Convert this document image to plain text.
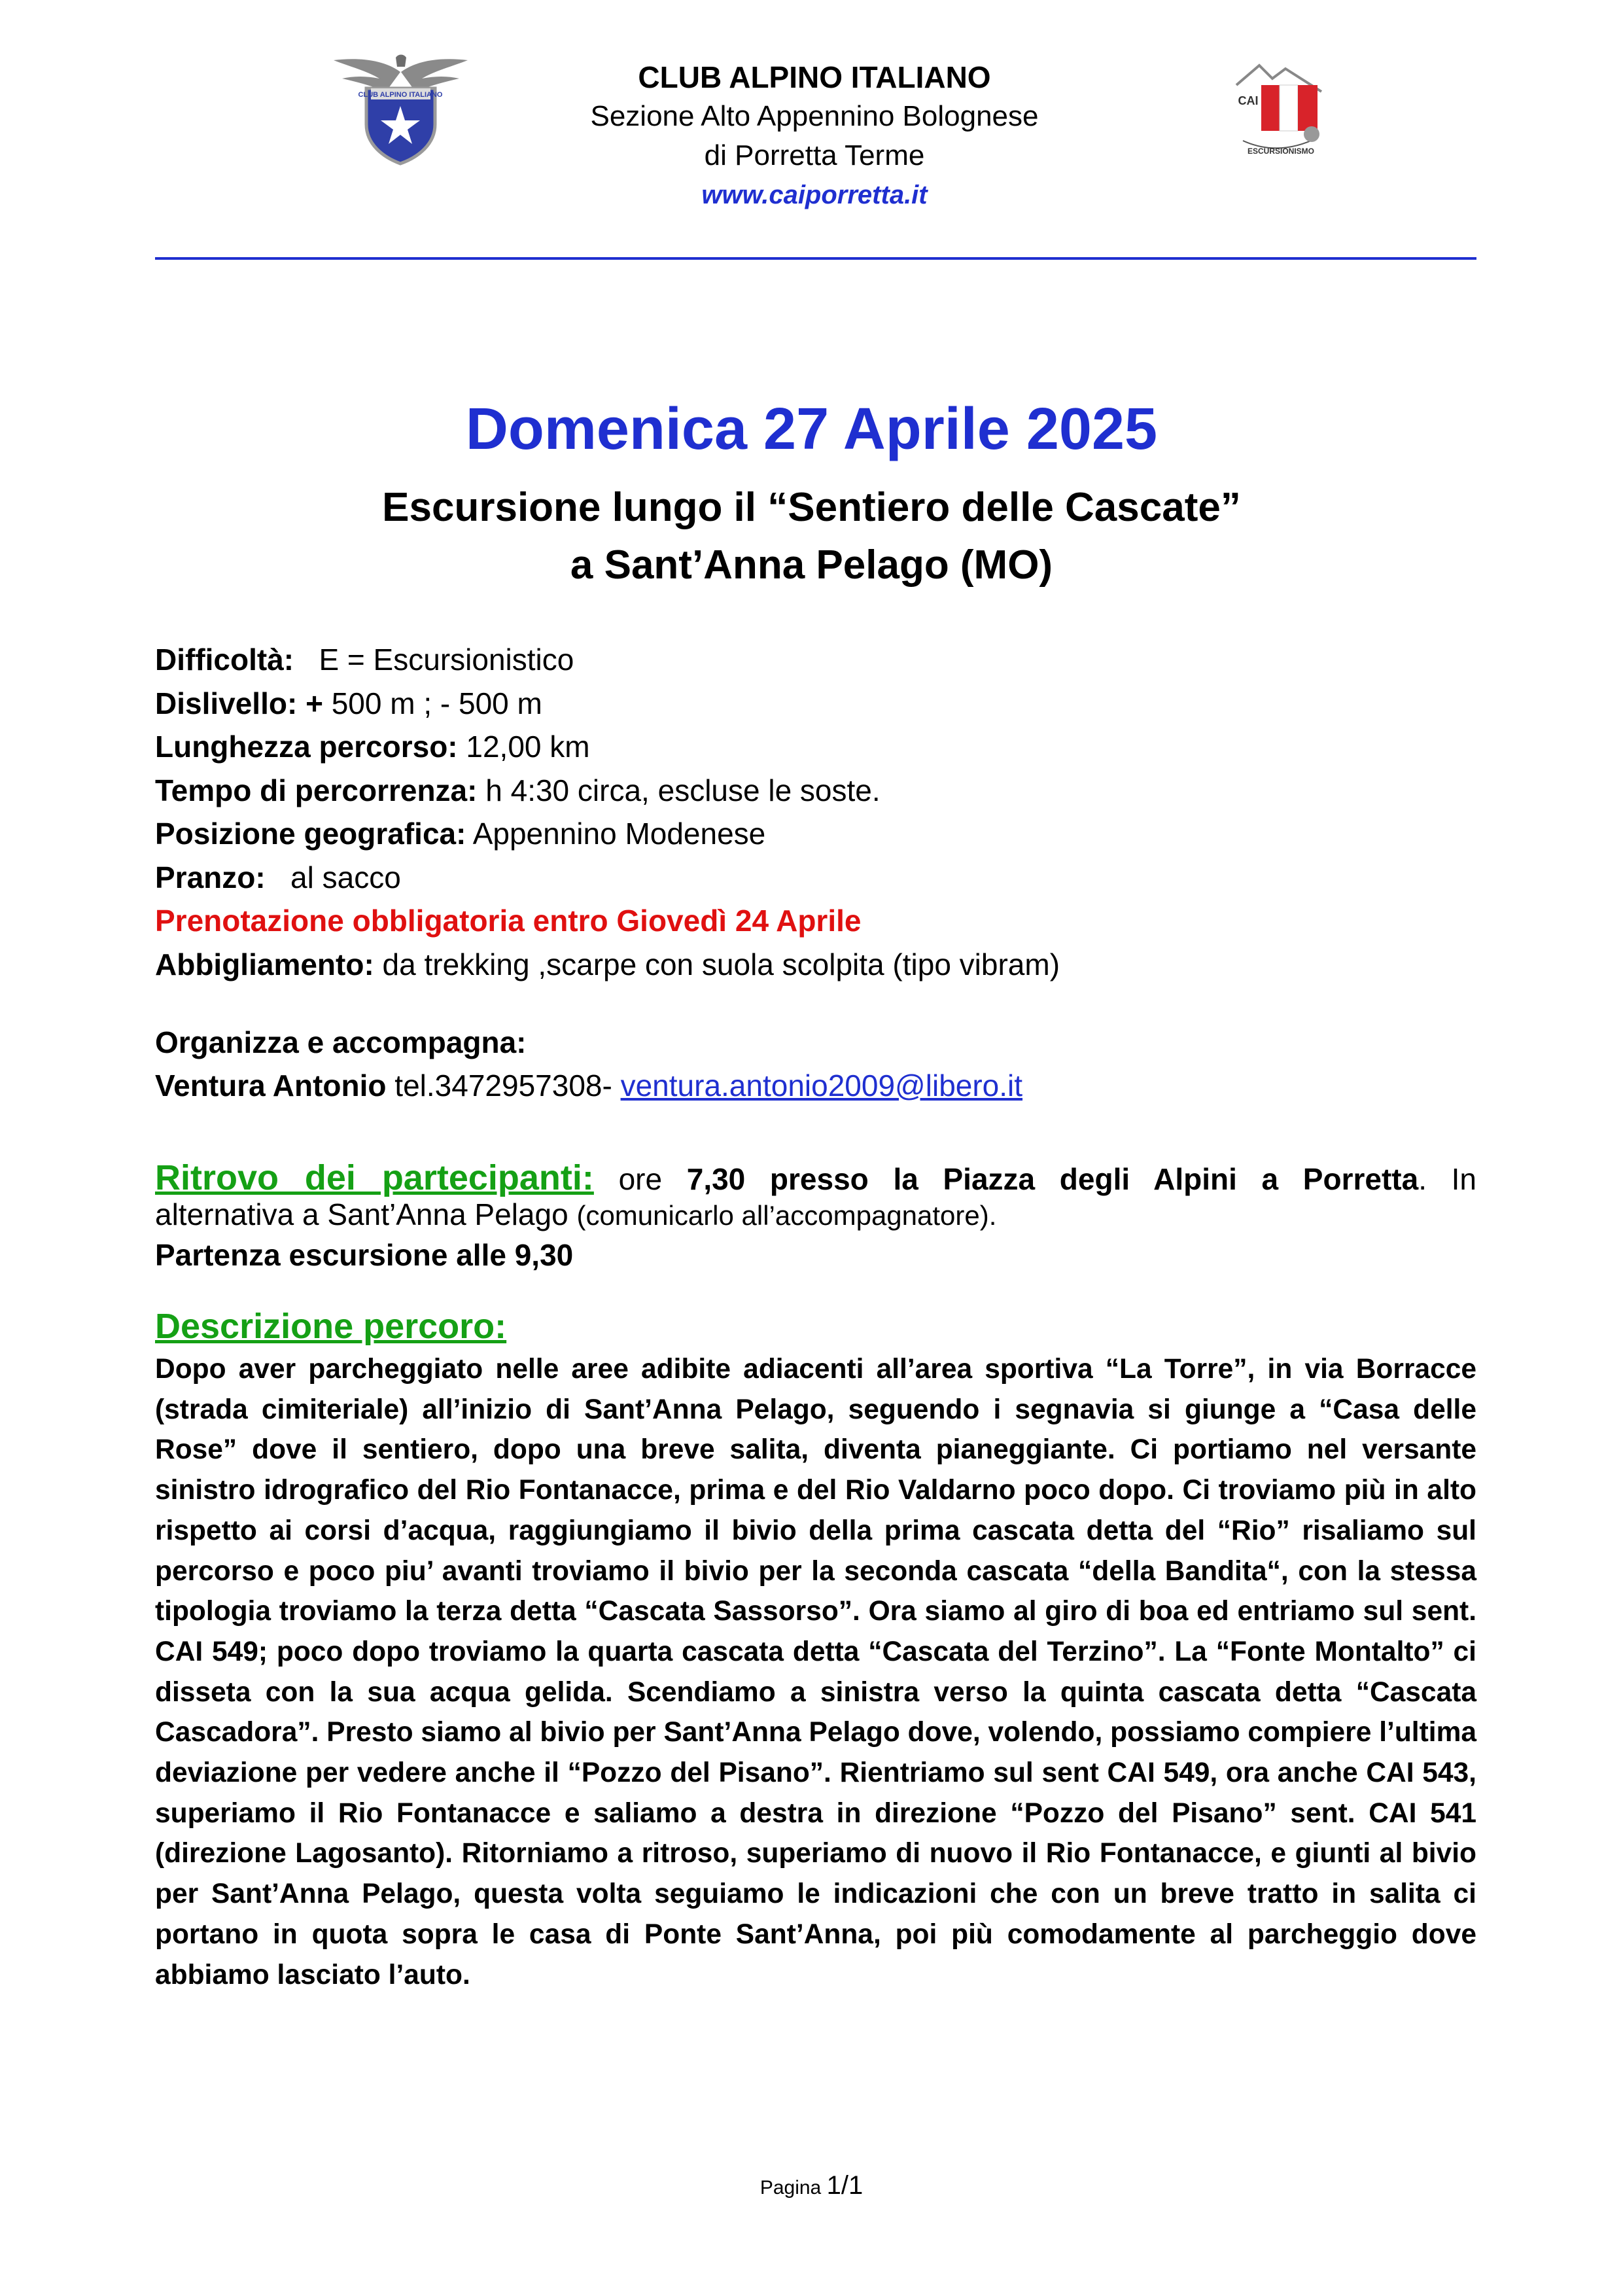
CLUB ALPINO ITALIANO
CLUB ALPINO ITALIANO
Sezione Alto Appennino Bolognese
di Porretta Terme
www.caiporretta.it
CAI
ESCURSIONISMO
Domenica 27 Aprile 2025
Escursione lungo il “Sentiero delle Cascate”
a Sant’Anna Pelago (MO)
Difficoltà: E = Escursionistico
Dislivello: + 500 m ; - 500 m
Lunghezza percorso: 12,00 km
Tempo di percorrenza: h 4:30 circa, escluse le soste.
Posizione geografica: Appennino Modenese
Pranzo: al sacco
Prenotazione obbligatoria entro Giovedì 24 Aprile
Abbigliamento: da trekking ,scarpe con suola scolpita (tipo vibram)
Organizza e accompagna:
Ventura Antonio tel.3472957308- ventura.antonio2009@libero.it
Ritrovo dei partecipanti: ore 7,30 presso la Piazza degli Alpini a Porretta. In
alternativa a Sant’Anna Pelago (comunicarlo all’accompagnatore).
Partenza escursione alle 9,30
Descrizione percoro:
Dopo aver parcheggiato nelle aree adibite adiacenti all’area sportiva “La Torre”, in via Borracce (strada cimiteriale) all’inizio di Sant’Anna Pelago, seguendo i segnavia si giunge a “Casa delle Rose” dove il sentiero, dopo una breve salita, diventa pianeggiante. Ci portiamo nel versante sinistro idrografico del Rio Fontanacce, prima e del Rio Valdarno poco dopo. Ci troviamo più in alto rispetto ai corsi d’acqua, raggiungiamo il bivio della prima cascata detta del “Rio” risaliamo sul percorso e poco piu’ avanti troviamo il bivio per la seconda cascata “della Bandita“, con la stessa tipologia troviamo la terza detta “Cascata Sassorso”. Ora siamo al giro di boa ed entriamo sul sent. CAI 549; poco dopo troviamo la quarta cascata detta “Cascata del Terzino”. La “Fonte Montalto” ci disseta con la sua acqua gelida. Scendiamo a sinistra verso la quinta cascata detta “Cascata Cascadora”. Presto siamo al bivio per Sant’Anna Pelago dove, volendo, possiamo compiere l’ultima deviazione per vedere anche il “Pozzo del Pisano”. Rientriamo sul sent CAI 549, ora anche CAI 543, superiamo il Rio Fontanacce e saliamo a destra in direzione “Pozzo del Pisano” sent. CAI 541 (direzione Lagosanto). Ritorniamo a ritroso, superiamo di nuovo il Rio Fontanacce, e giunti al bivio per Sant’Anna Pelago, questa volta seguiamo le indicazioni che con un breve tratto in salita ci portano in quota sopra le casa di Ponte Sant’Anna, poi più comodamente al parcheggio dove abbiamo lasciato l’auto.
Pagina 1/1
